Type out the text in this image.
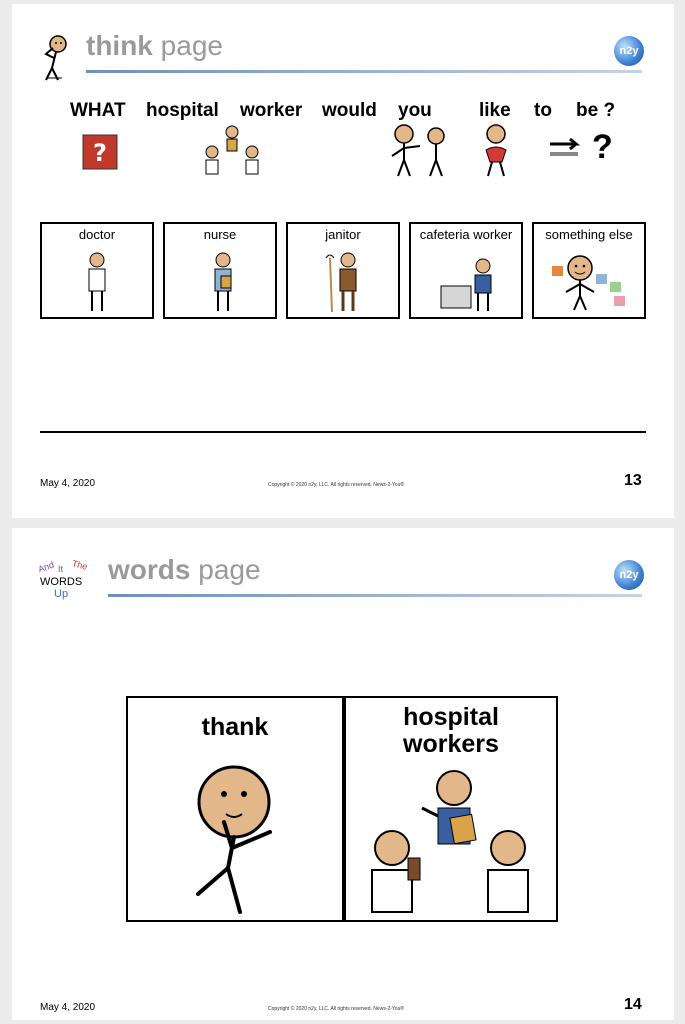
think page	n2y
WHAT hospital worker would you like to be ?
?	?
doctor	nurse	janitor	cafeteria worker	something else
May 4, 2020	Copyright © 2020 n2y, LLC. All rights reserved. News-2-You®	13
And It The
WORDS
Up
words page	n2y
thank	hospital workers
May 4, 2020	Copyright © 2020 n2y, LLC. All rights reserved. News-2-You®	14
